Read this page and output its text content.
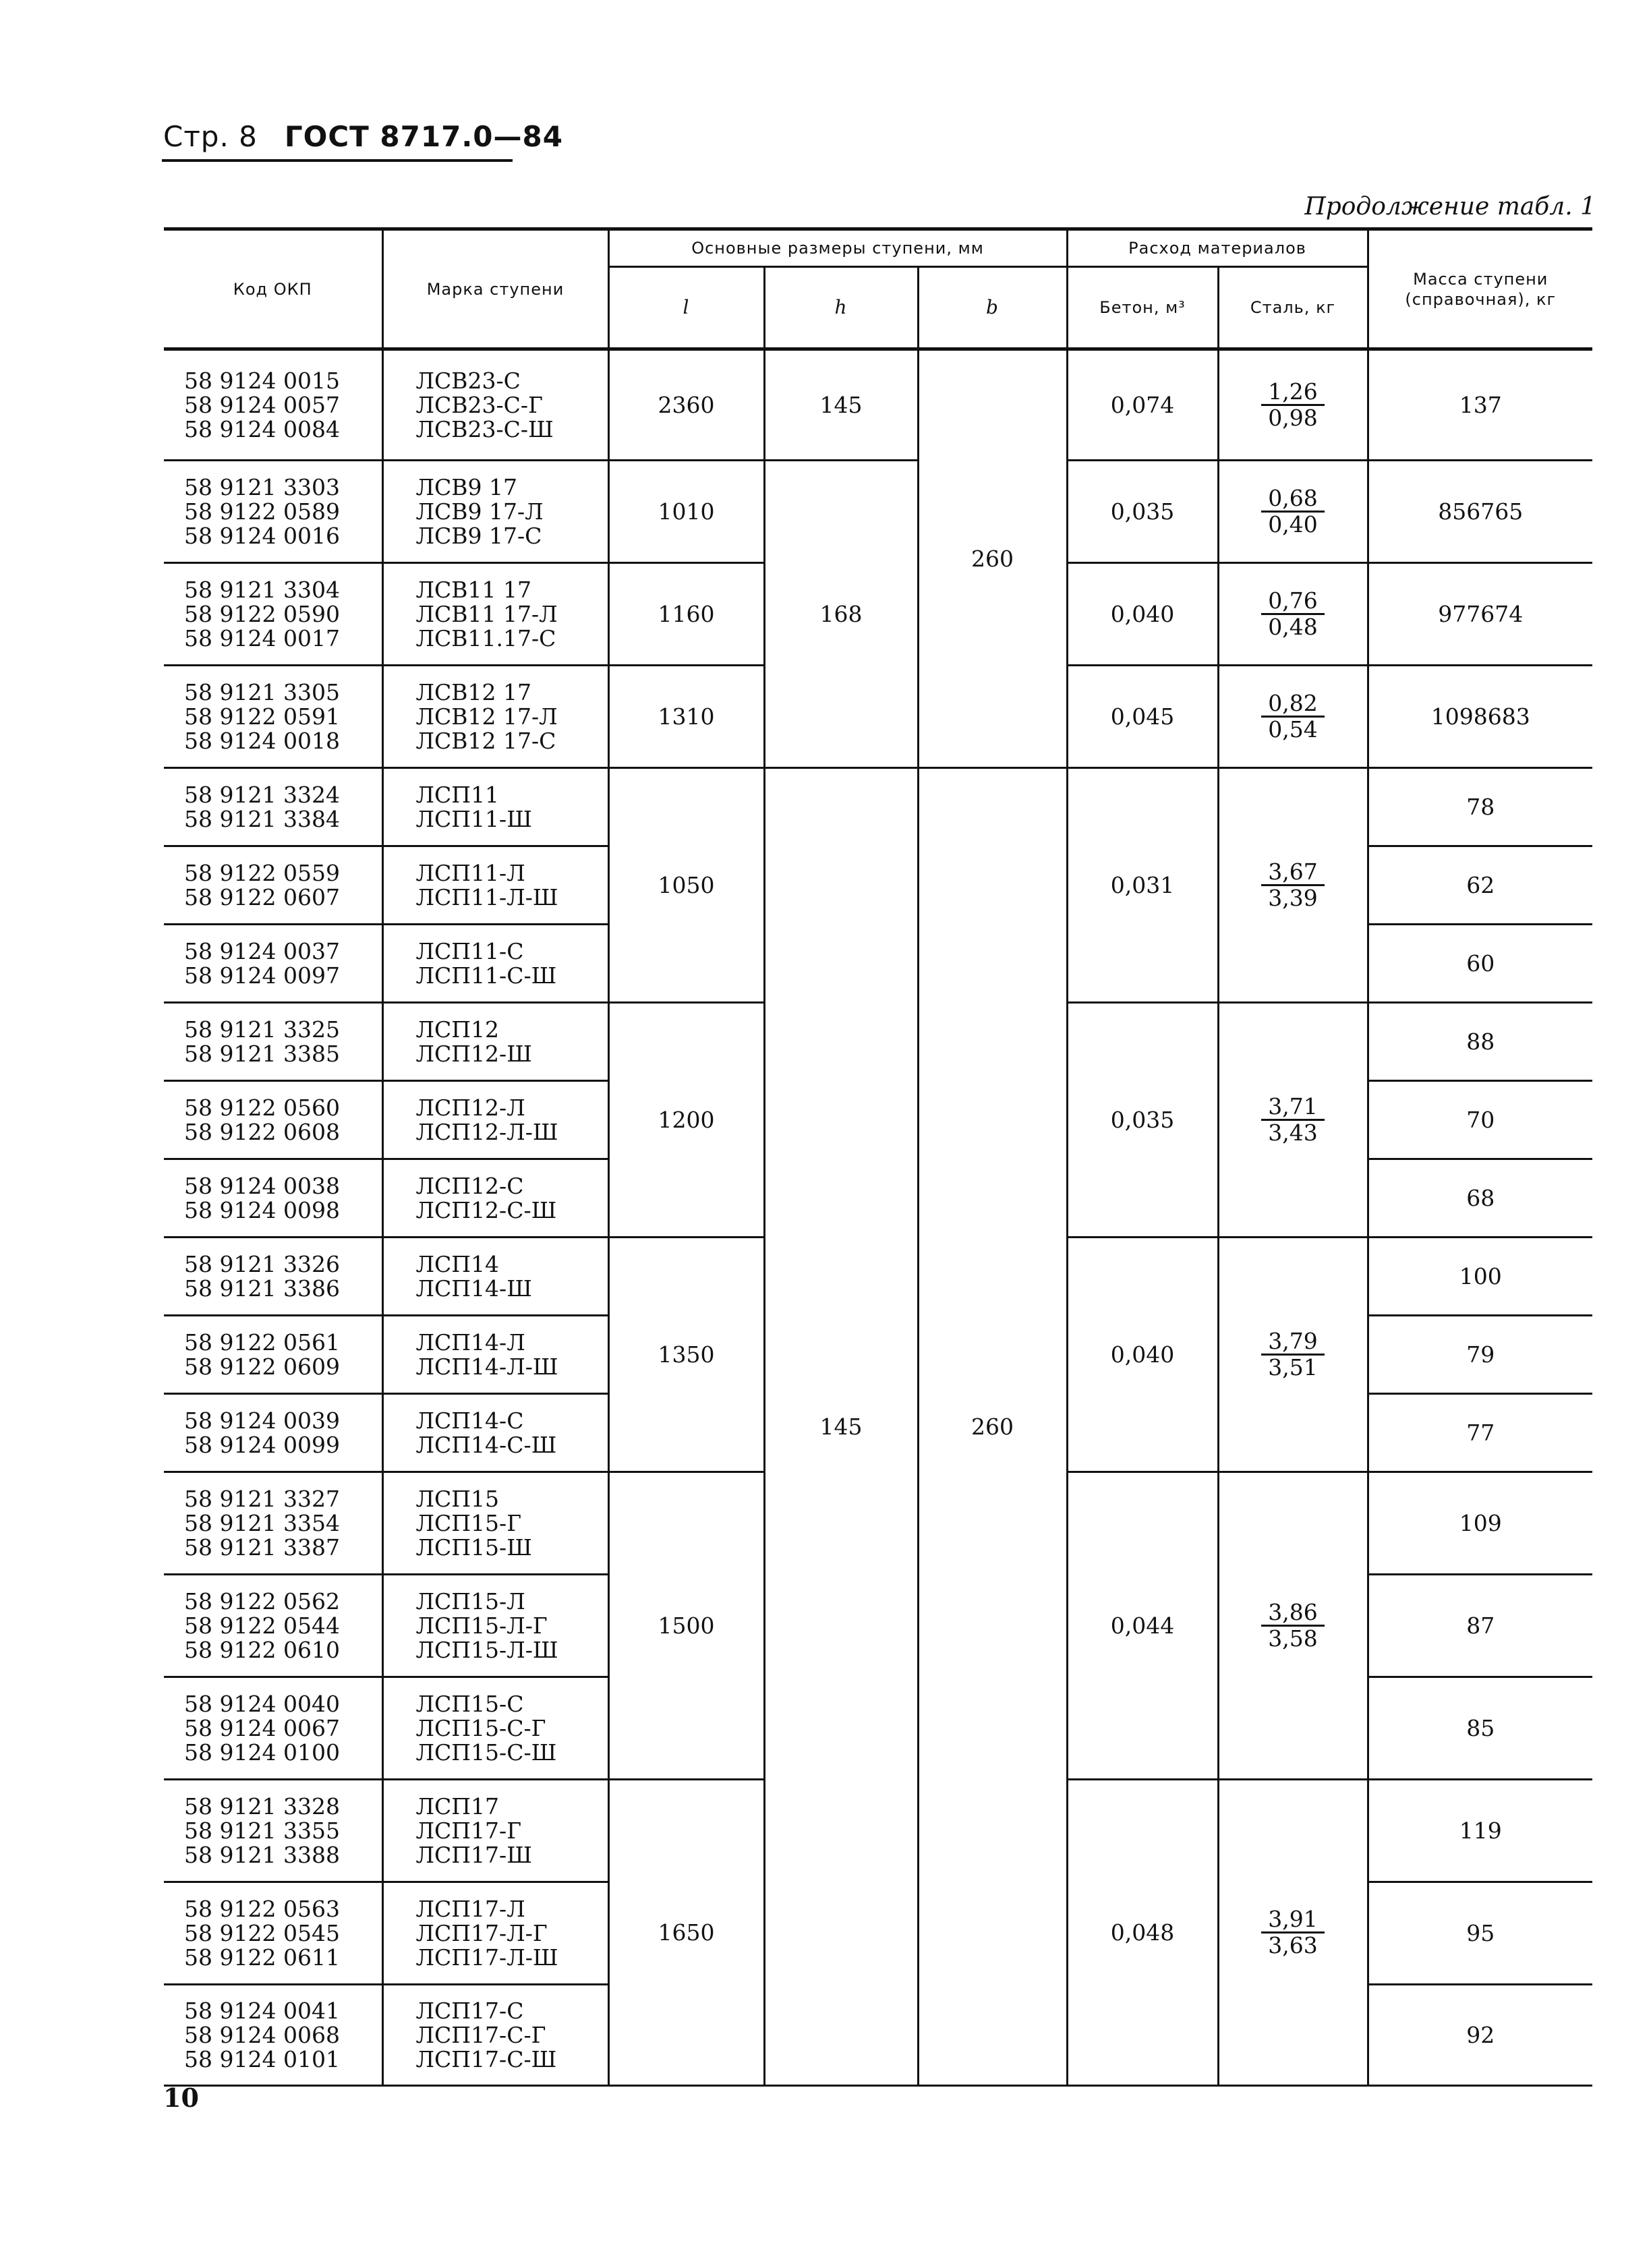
Стр. 8 ГОСТ 8717.0—84
Продолжение табл. 1
Код ОКП	Марка ступени	Основные размеры ступени, мм			Расход материалов		Масса ступени (справочная), кг
		l	h	b	Бетон, м³	Сталь, кг	

58 9124 0015
58 9124 0057
58 9124 0084	ЛСВ23-С
ЛСВ23-С-Г
ЛСВ23-С-Ш	2360	145	260	0,074	$\frac{1,26}{0,98}$	137

58 9121 3303
58 9122 0589
58 9124 0016	ЛСВ9 17
ЛСВ9 17-Л
ЛСВ9 17-С	1010	168		0,035	$\frac{0,68}{0,40}$	856765

58 9121 3304
58 9122 0590
58 9124 0017	ЛСВ11 17
ЛСВ11 17-Л
ЛСВ11.17-С	1160			0,040	$\frac{0,76}{0,48}$	977674

58 9121 3305
58 9122 0591
58 9124 0018	ЛСВ12 17
ЛСВ12 17-Л
ЛСВ12 17-С	1310			0,045	$\frac{0,82}{0,54}$	1098683

58 9121 3324
58 9121 3384	ЛСП11
ЛСП11-Ш	1050	145	260	0,031	$\frac{3,67}{3,39}$	78

58 9122 0559
58 9122 0607	ЛСП11-Л
ЛСП11-Л-Ш						62

58 9124 0037
58 9124 0097	ЛСП11-С
ЛСП11-С-Ш						60

58 9121 3325
58 9121 3385	ЛСП12
ЛСП12-Ш	1200			0,035	$\frac{3,71}{3,43}$	88

58 9122 0560
58 9122 0608	ЛСП12-Л
ЛСП12-Л-Ш						70

58 9124 0038
58 9124 0098	ЛСП12-С
ЛСП12-С-Ш						68

58 9121 3326
58 9121 3386	ЛСП14
ЛСП14-Ш	1350			0,040	$\frac{3,79}{3,51}$	100

58 9122 0561
58 9122 0609	ЛСП14-Л
ЛСП14-Л-Ш						79

58 9124 0039
58 9124 0099	ЛСП14-С
ЛСП14-С-Ш						77

58 9121 3327
58 9121 3354
58 9121 3387	ЛСП15
ЛСП15-Г
ЛСП15-Ш	1500			0,044	$\frac{3,86}{3,58}$	109

58 9122 0562
58 9122 0544
58 9122 0610	ЛСП15-Л
ЛСП15-Л-Г
ЛСП15-Л-Ш						87

58 9124 0040
58 9124 0067
58 9124 0100	ЛСП15-С
ЛСП15-С-Г
ЛСП15-С-Ш						85

58 9121 3328
58 9121 3355
58 9121 3388	ЛСП17
ЛСП17-Г
ЛСП17-Ш	1650			0,048	$\frac{3,91}{3,63}$	119

58 9122 0563
58 9122 0545
58 9122 0611	ЛСП17-Л
ЛСП17-Л-Г
ЛСП17-Л-Ш						95

58 9124 0041
58 9124 0068
58 9124 0101	ЛСП17-С
ЛСП17-С-Г
ЛСП17-С-Ш						92
10
